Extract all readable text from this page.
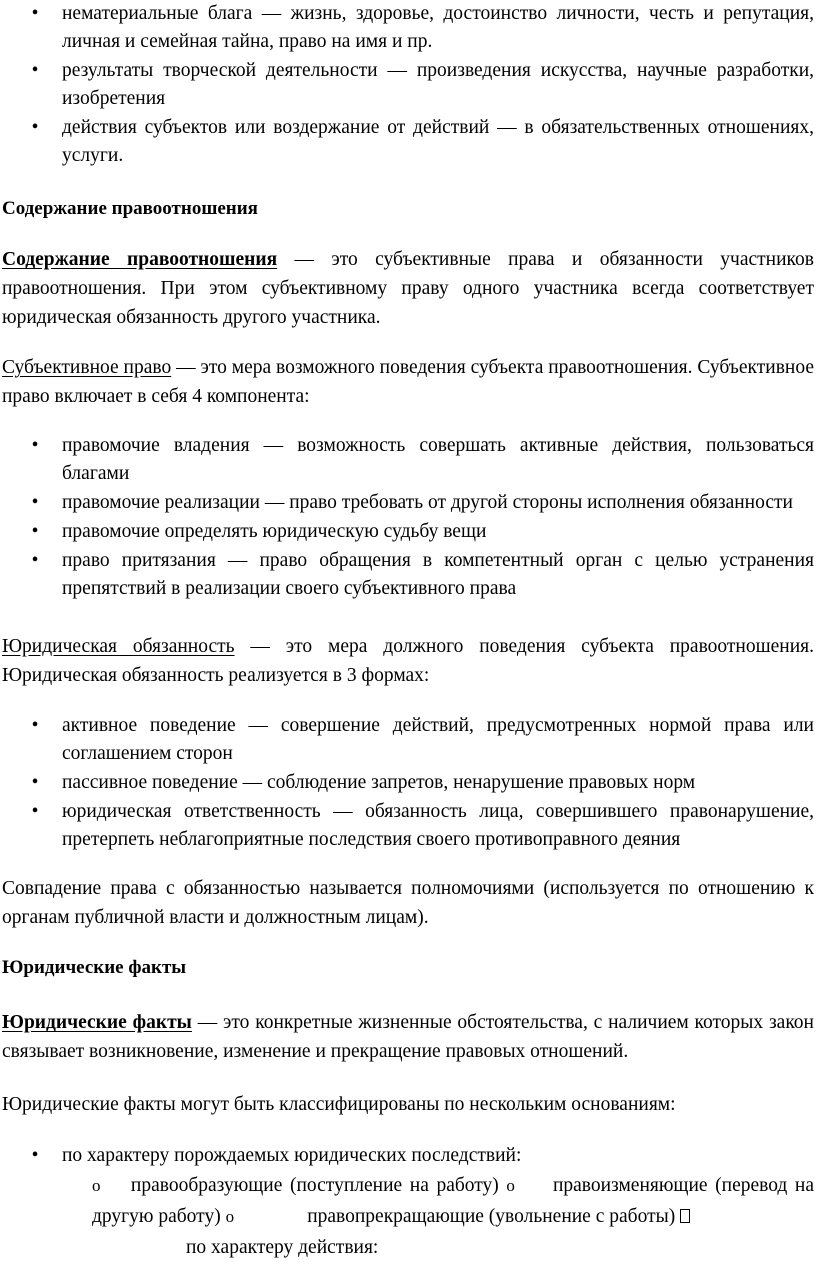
• нематериальные блага — жизнь, здоровье, достоинство личности, честь и репутация, личная и семейная тайна, право на имя и пр.
• результаты творческой деятельности — произведения искусства, научные разработки, изобретения
• действия субъектов или воздержание от действий — в обязательственных отношениях, услуги.
Содержание правоотношения
Содержание правоотношения — это субъективные права и обязанности участников правоотношения. При этом субъективному праву одного участника всегда соответствует юридическая обязанность другого участника.
Субъективное право — это мера возможного поведения субъекта правоотношения. Субъективное право включает в себя 4 компонента:
• правомочие владения — возможность совершать активные действия, пользоваться благами
• правомочие реализации — право требовать от другой стороны исполнения обязанности
• правомочие определять юридическую судьбу вещи
• право притязания — право обращения в компетентный орган с целью устранения препятствий в реализации своего субъективного права
Юридическая обязанность — это мера должного поведения субъекта правоотношения. Юридическая обязанность реализуется в 3 формах:
• активное поведение — совершение действий, предусмотренных нормой права или соглашением сторон
• пассивное поведение — соблюдение запретов, ненарушение правовых норм
• юридическая ответственность — обязанность лица, совершившего правонарушение, претерпеть неблагоприятные последствия своего противоправного деяния
Совпадение права с обязанностью называется полномочиями (используется по отношению к органам публичной власти и должностным лицам).
Юридические факты
Юридические факты — это конкретные жизненные обстоятельства, с наличием которых закон связывает возникновение, изменение и прекращение правовых отношений.
Юридические факты могут быть классифицированы по нескольким основаниям:
• по характеру порождаемых юридических последствий:
o правообразующие (поступление на работу) o правоизменяющие (перевод на другую работу) o	правопрекращающие (увольнение с работы)
по характеру действия:
